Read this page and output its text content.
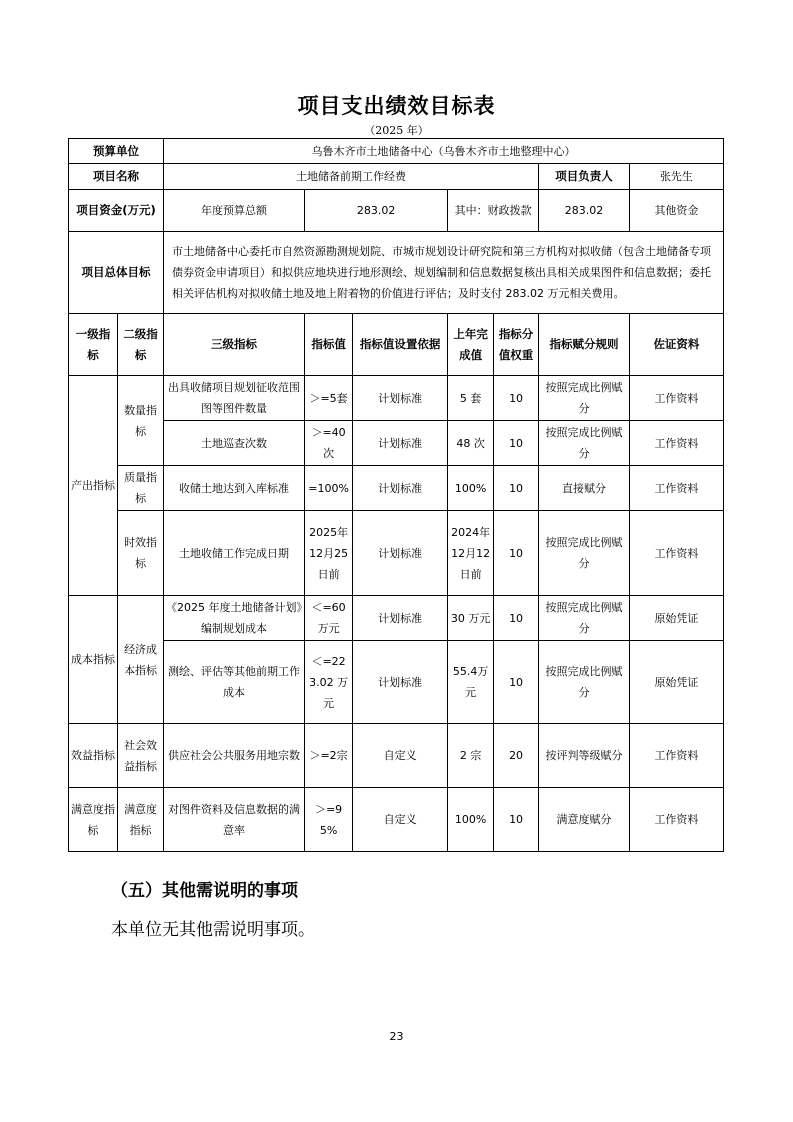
项目支出绩效目标表
（2025 年）
预算单位		乌鲁木齐市土地储备中心（乌鲁木齐市土地整理中心）						
项目名称		土地储备前期工作经费					项目负责人	张先生
项目资金(万元)		年度预算总额	283.02		其中：财政拨款		283.02	其他资金
项目总体目标		市土地储备中心委托市自然资源勘测规划院、市城市规划设计研究院和第三方机构对拟收储（包含土地储备专项债券资金申请项目）和拟供应地块进行地形测绘、规划编制和信息数据复核出具相关成果图件和信息数据；委托相关评估机构对拟收储土地及地上附着物的价值进行评估；及时支付 283.02 万元相关费用。						
一级指标	二级指标	三级指标	指标值	指标值设置依据	上年完成值	指标分值权重	指标赋分规则	佐证资料
产出指标	数量指标	出具收储项目规划征收范围图等图件数量	＞=5套	计划标准	5 套	10	按照完成比例赋分	工作资料
		土地巡查次数	＞=40次	计划标准	48 次	10	按照完成比例赋分	工作资料
	质量指标	收储土地达到入库标准	=100%	计划标准	100%	10	直接赋分	工作资料
	时效指标	土地收储工作完成日期	2025年12月25日前	计划标准	2024年12月12日前	10	按照完成比例赋分	工作资料
成本指标	经济成本指标	《2025 年度土地储备计划》编制规划成本	＜=60万元	计划标准	30 万元	10	按照完成比例赋分	原始凭证
		测绘、评估等其他前期工作成本	＜=223.02 万元	计划标准	55.4万元	10	按照完成比例赋分	原始凭证
效益指标	社会效益指标	供应社会公共服务用地宗数	＞=2宗	自定义	2 宗	20	按评判等级赋分	工作资料
满意度指标	满意度指标	对图件资料及信息数据的满意率	＞=95%	自定义	100%	10	满意度赋分	工作资料
（五）其他需说明的事项
本单位无其他需说明事项。
23
